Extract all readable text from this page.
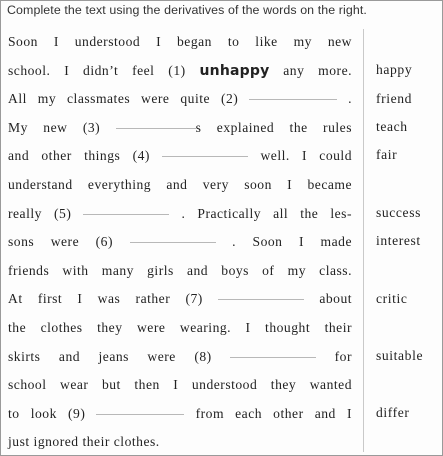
Complete the text using the derivatives of the words on the right.
Soon I understood I began to like my new
school. I didn’t feel (1) unhappy any more.
All my classmates were quite (2)	.
My new (3)	s explained the rules
and other things (4)	well. I could
understand everything and very soon I became
really (5)	. Practically all the les-
sons were (6)	. Soon I made
friends with many girls and boys of my class.
At first I was rather (7)	about
the clothes they were wearing. I thought their
skirts and jeans were (8)	for
school wear but then I understood they wanted
to look (9)	from each other and I
just ignored their clothes.
happy
friend
teach
fair
success
interest
critic
suitable
differ
